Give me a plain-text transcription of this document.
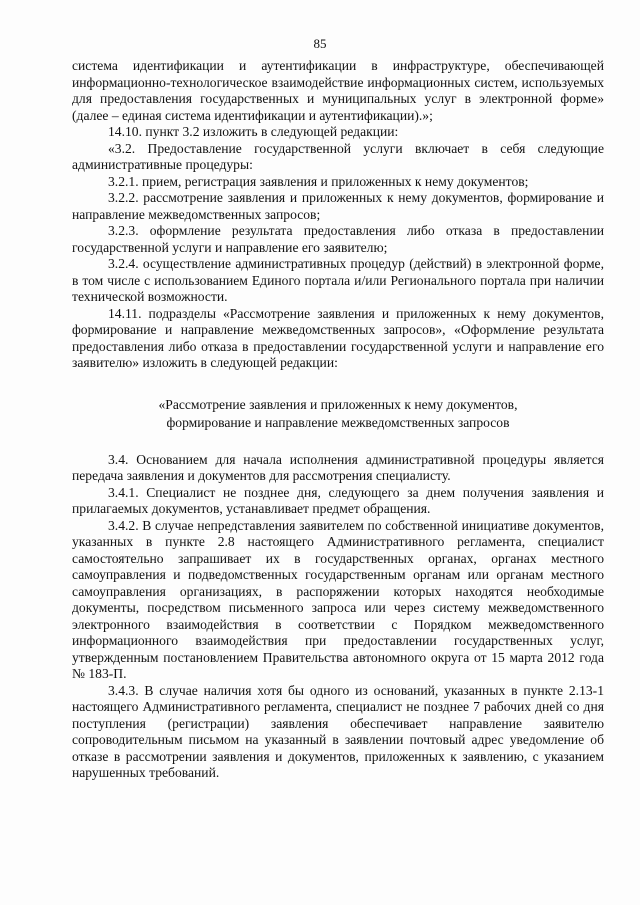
85

система идентификации и аутентификации в инфраструктуре, обеспечивающей информационно-технологическое взаимодействие информационных систем, используемых для предоставления государственных и муниципальных услуг в электронной форме» (далее – единая система идентификации и аутентификации).»;

14.10. пункт 3.2 изложить в следующей редакции:

«3.2. Предоставление государственной услуги включает в себя следующие административные процедуры:

3.2.1. прием, регистрация заявления и приложенных к нему документов;

3.2.2. рассмотрение заявления и приложенных к нему документов, формирование и направление межведомственных запросов;

3.2.3. оформление результата предоставления либо отказа в предоставлении государственной услуги и направление его заявителю;

3.2.4. осуществление административных процедур (действий) в электронной форме, в том числе с использованием Единого портала и/или Регионального портала при наличии технической возможности.

14.11. подразделы «Рассмотрение заявления и приложенных к нему документов, формирование и направление межведомственных запросов», «Оформление результата предоставления либо отказа в предоставлении государственной услуги и направление его заявителю» изложить в следующей редакции:

«Рассмотрение заявления и приложенных к нему документов,
формирование и направление межведомственных запросов

3.4. Основанием для начала исполнения административной процедуры является передача заявления и документов для рассмотрения специалисту.

3.4.1. Специалист не позднее дня, следующего за днем получения заявления и прилагаемых документов, устанавливает предмет обращения.

3.4.2. В случае непредставления заявителем по собственной инициативе документов, указанных в пункте 2.8 настоящего Административного регламента, специалист самостоятельно запрашивает их в государственных органах, органах местного самоуправления и подведомственных государственным органам или органам местного самоуправления организациях, в распоряжении которых находятся необходимые документы, посредством письменного запроса или через систему межведомственного электронного взаимодействия в соответствии с Порядком межведомственного информационного взаимодействия при предоставлении государственных услуг, утвержденным постановлением Правительства автономного округа от 15 марта 2012 года № 183-П.

3.4.3. В случае наличия хотя бы одного из оснований, указанных в пункте 2.13-1 настоящего Административного регламента, специалист не позднее 7 рабочих дней со дня поступления (регистрации) заявления обеспечивает направление заявителю сопроводительным письмом на указанный в заявлении почтовый адрес уведомление об отказе в рассмотрении заявления и документов, приложенных к заявлению, с указанием нарушенных требований.
